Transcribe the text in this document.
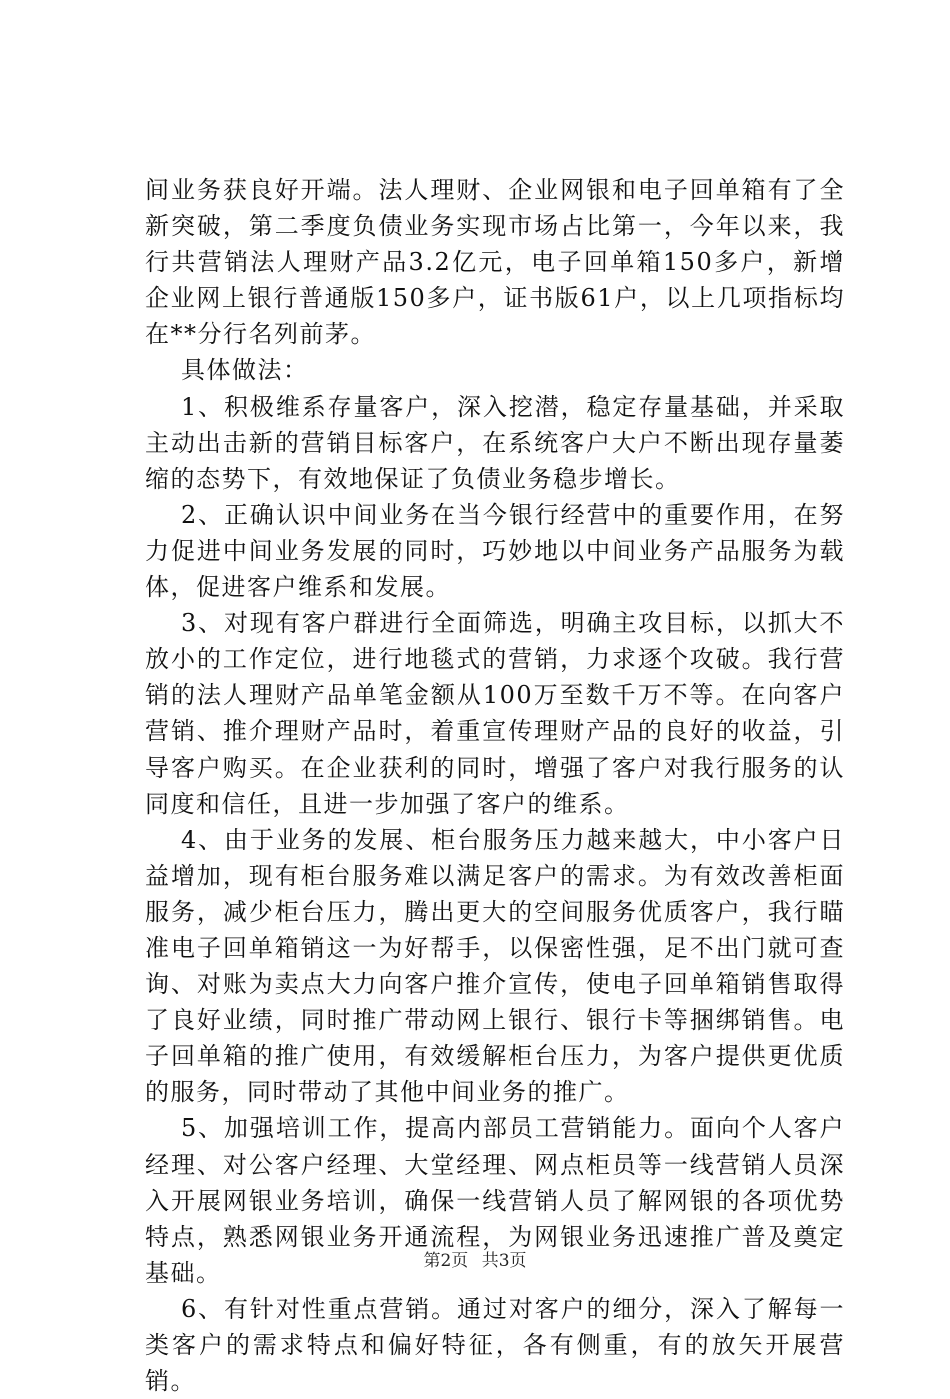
间业务获良好开端。法人理财、企业网银和电子回单箱有了全新突破，第二季度负债业务实现市场占比第一，今年以来，我行共营销法人理财产品3.2亿元，电子回单箱150多户，新增企业网上银行普通版150多户，证书版61户，以上几项指标均在**分行名列前茅。

具体做法：

1、积极维系存量客户，深入挖潜，稳定存量基础，并采取主动出击新的营销目标客户，在系统客户大户不断出现存量萎缩的态势下，有效地保证了负债业务稳步增长。

2、正确认识中间业务在当今银行经营中的重要作用，在努力促进中间业务发展的同时，巧妙地以中间业务产品服务为载体，促进客户维系和发展。

3、对现有客户群进行全面筛选，明确主攻目标，以抓大不放小的工作定位，进行地毯式的营销，力求逐个攻破。我行营销的法人理财产品单笔金额从100万至数千万不等。在向客户营销、推介理财产品时，着重宣传理财产品的良好的收益，引导客户购买。在企业获利的同时，增强了客户对我行服务的认同度和信任，且进一步加强了客户的维系。

4、由于业务的发展、柜台服务压力越来越大，中小客户日益增加，现有柜台服务难以满足客户的需求。为有效改善柜面服务，减少柜台压力，腾出更大的空间服务优质客户，我行瞄准电子回单箱销这一为好帮手，以保密性强，足不出门就可查询、对账为卖点大力向客户推介宣传，使电子回单箱销售取得了良好业绩，同时推广带动网上银行、银行卡等捆绑销售。电子回单箱的推广使用，有效缓解柜台压力，为客户提供更优质的服务，同时带动了其他中间业务的推广。

5、加强培训工作，提高内部员工营销能力。面向个人客户经理、对公客户经理、大堂经理、网点柜员等一线营销人员深入开展网银业务培训，确保一线营销人员了解网银的各项优势特点，熟悉网银业务开通流程，为网银业务迅速推广普及奠定基础。

6、有针对性重点营销。通过对客户的细分，深入了解每一类客户的需求特点和偏好特征，各有侧重，有的放矢开展营销。

第2页 共3页
